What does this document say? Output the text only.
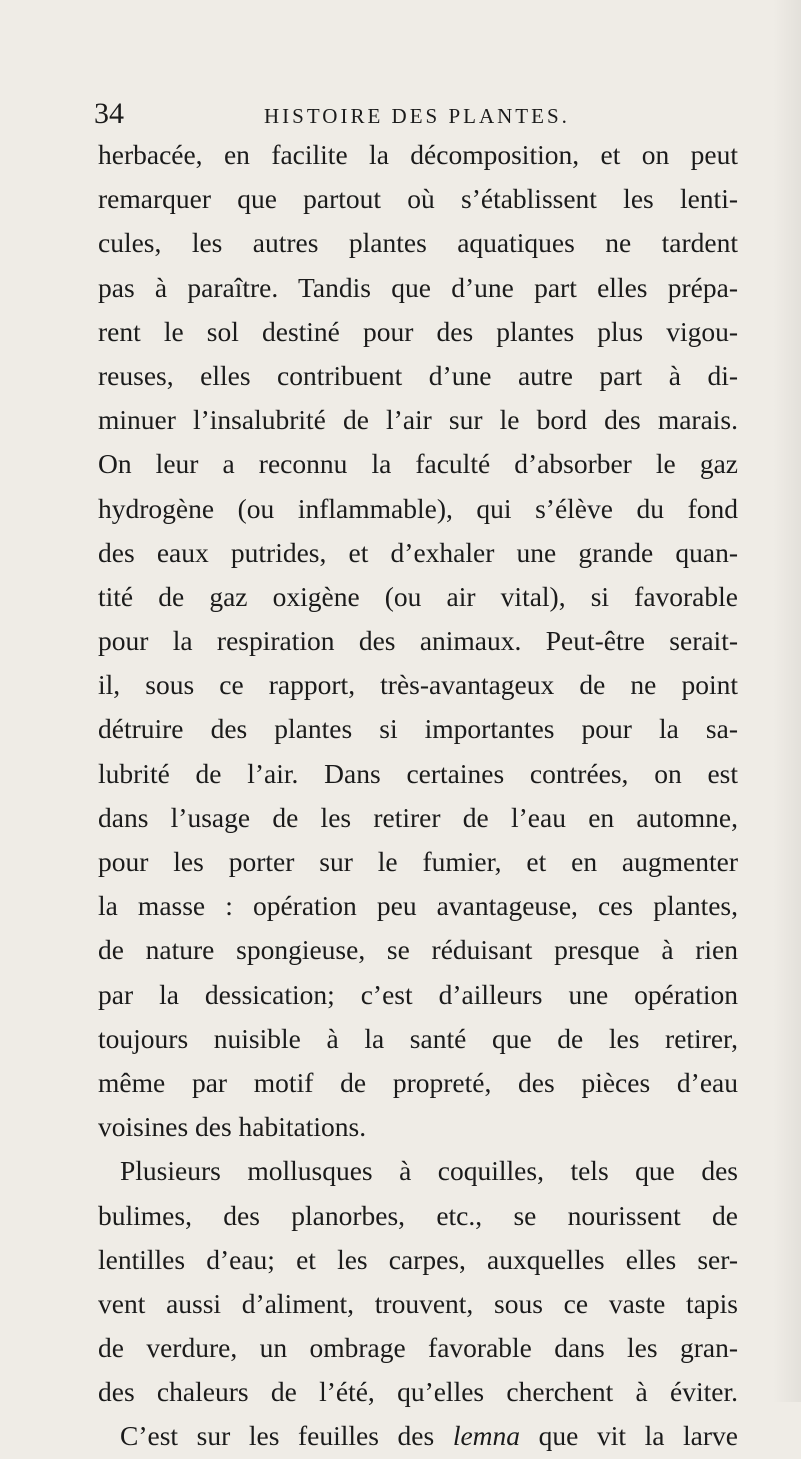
34	HISTOIRE DES PLANTES.
herbacée, en facilite la décomposition, et on peut
remarquer que partout où s’établissent les lenti-
cules, les autres plantes aquatiques ne tardent
pas à paraître. Tandis que d’une part elles prépa-
rent le sol destiné pour des plantes plus vigou-
reuses, elles contribuent d’une autre part à di-
minuer l’insalubrité de l’air sur le bord des marais.
On leur a reconnu la faculté d’absorber le gaz
hydrogène (ou inflammable), qui s’élève du fond
des eaux putrides, et d’exhaler une grande quan-
tité de gaz oxigène (ou air vital), si favorable
pour la respiration des animaux. Peut-être serait-
il, sous ce rapport, très-avantageux de ne point
détruire des plantes si importantes pour la sa-
lubrité de l’air. Dans certaines contrées, on est
dans l’usage de les retirer de l’eau en automne,
pour les porter sur le fumier, et en augmenter
la masse : opération peu avantageuse, ces plantes,
de nature spongieuse, se réduisant presque à rien
par la dessication; c’est d’ailleurs une opération
toujours nuisible à la santé que de les retirer,
même par motif de propreté, des pièces d’eau
voisines des habitations.
Plusieurs mollusques à coquilles, tels que des
bulimes, des planorbes, etc., se nourissent de
lentilles d’eau; et les carpes, auxquelles elles ser-
vent aussi d’aliment, trouvent, sous ce vaste tapis
de verdure, un ombrage favorable dans les gran-
des chaleurs de l’été, qu’elles cherchent à éviter.
C’est sur les feuilles des lemna que vit la larve
